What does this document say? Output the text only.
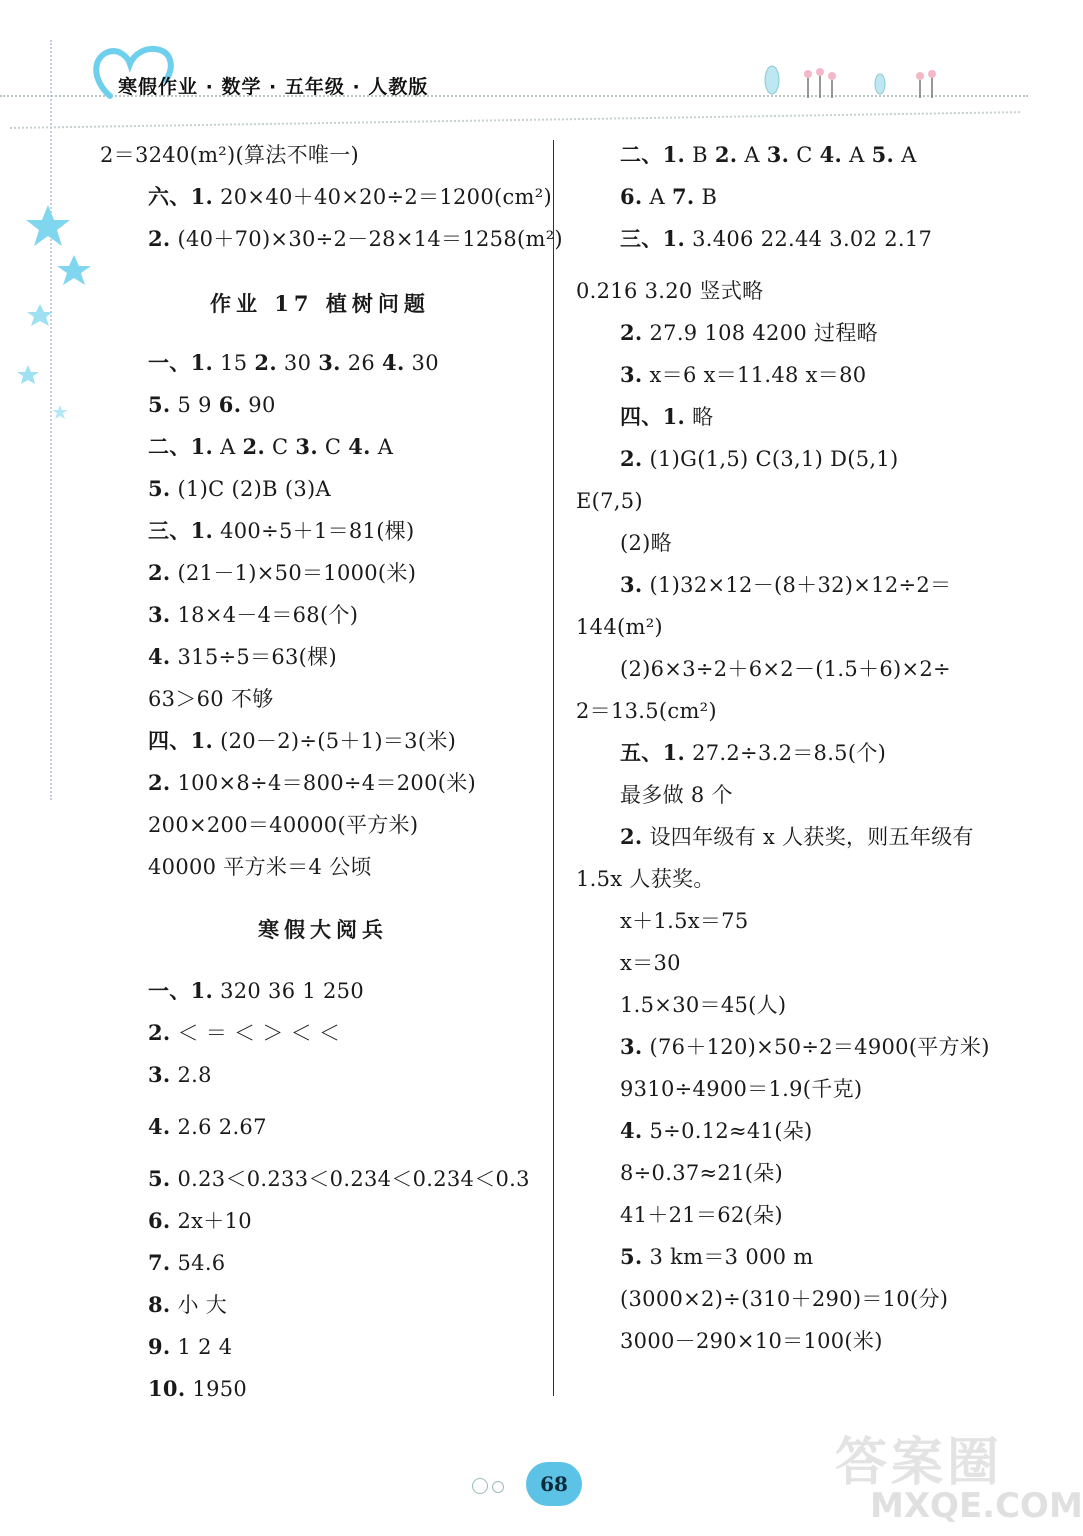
寒假作业 · 数学 · 五年级 · 人教版
2＝3240(m²)(算法不唯一)
六、1. 20×40＋40×20÷2＝1200(cm²)
2. (40＋70)×30÷2－28×14＝1258(m²)
一、1. 15 2. 30 3. 26 4. 30
5. 5 9 6. 90
二、1. A 2. C 3. C 4. A
5. (1)C (2)B (3)A
三、1. 400÷5＋1＝81(棵)
2. (21－1)×50＝1000(米)
3. 18×4－4＝68(个)
4. 315÷5＝63(棵)
63＞60 不够
四、1. (20－2)÷(5＋1)＝3(米)
2. 100×8÷4＝800÷4＝200(米)
200×200＝40000(平方米)
40000 平方米＝4 公顷
一、1. 320 36 1 250
2. ＜ ＝ ＜ ＞ ＜ ＜
3. 2.8
4. 2.6 2.67
5. 0.23＜0.233＜0.234＜0.234＜0.3
6. 2x＋10
7. 54.6
8. 小 大
9. 1 2 4
10. 1950
二、1. B 2. A 3. C 4. A 5. A
6. A 7. B
三、1. 3.406 22.44 3.02 2.17
0.216 3.20 竖式略
2. 27.9 108 4200 过程略
3. x＝6 x＝11.48 x＝80
四、1. 略
2. (1)G(1,5) C(3,1) D(5,1)
E(7,5)
(2)略
3. (1)32×12－(8＋32)×12÷2＝
144(m²)
(2)6×3÷2＋6×2－(1.5＋6)×2÷
2＝13.5(cm²)
五、1. 27.2÷3.2＝8.5(个)
最多做 8 个
2. 设四年级有 x 人获奖，则五年级有
1.5x 人获奖。
x＋1.5x＝75
x＝30
1.5×30＝45(人)
3. (76＋120)×50÷2＝4900(平方米)
9310÷4900＝1.9(千克)
4. 5÷0.12≈41(朵)
8÷0.37≈21(朵)
41＋21＝62(朵)
5. 3 km＝3 000 m
(3000×2)÷(310＋290)＝10(分)
3000－290×10＝100(米)
作业 17 植树问题
寒假大阅兵
68	答案圈
MXQE.COM
